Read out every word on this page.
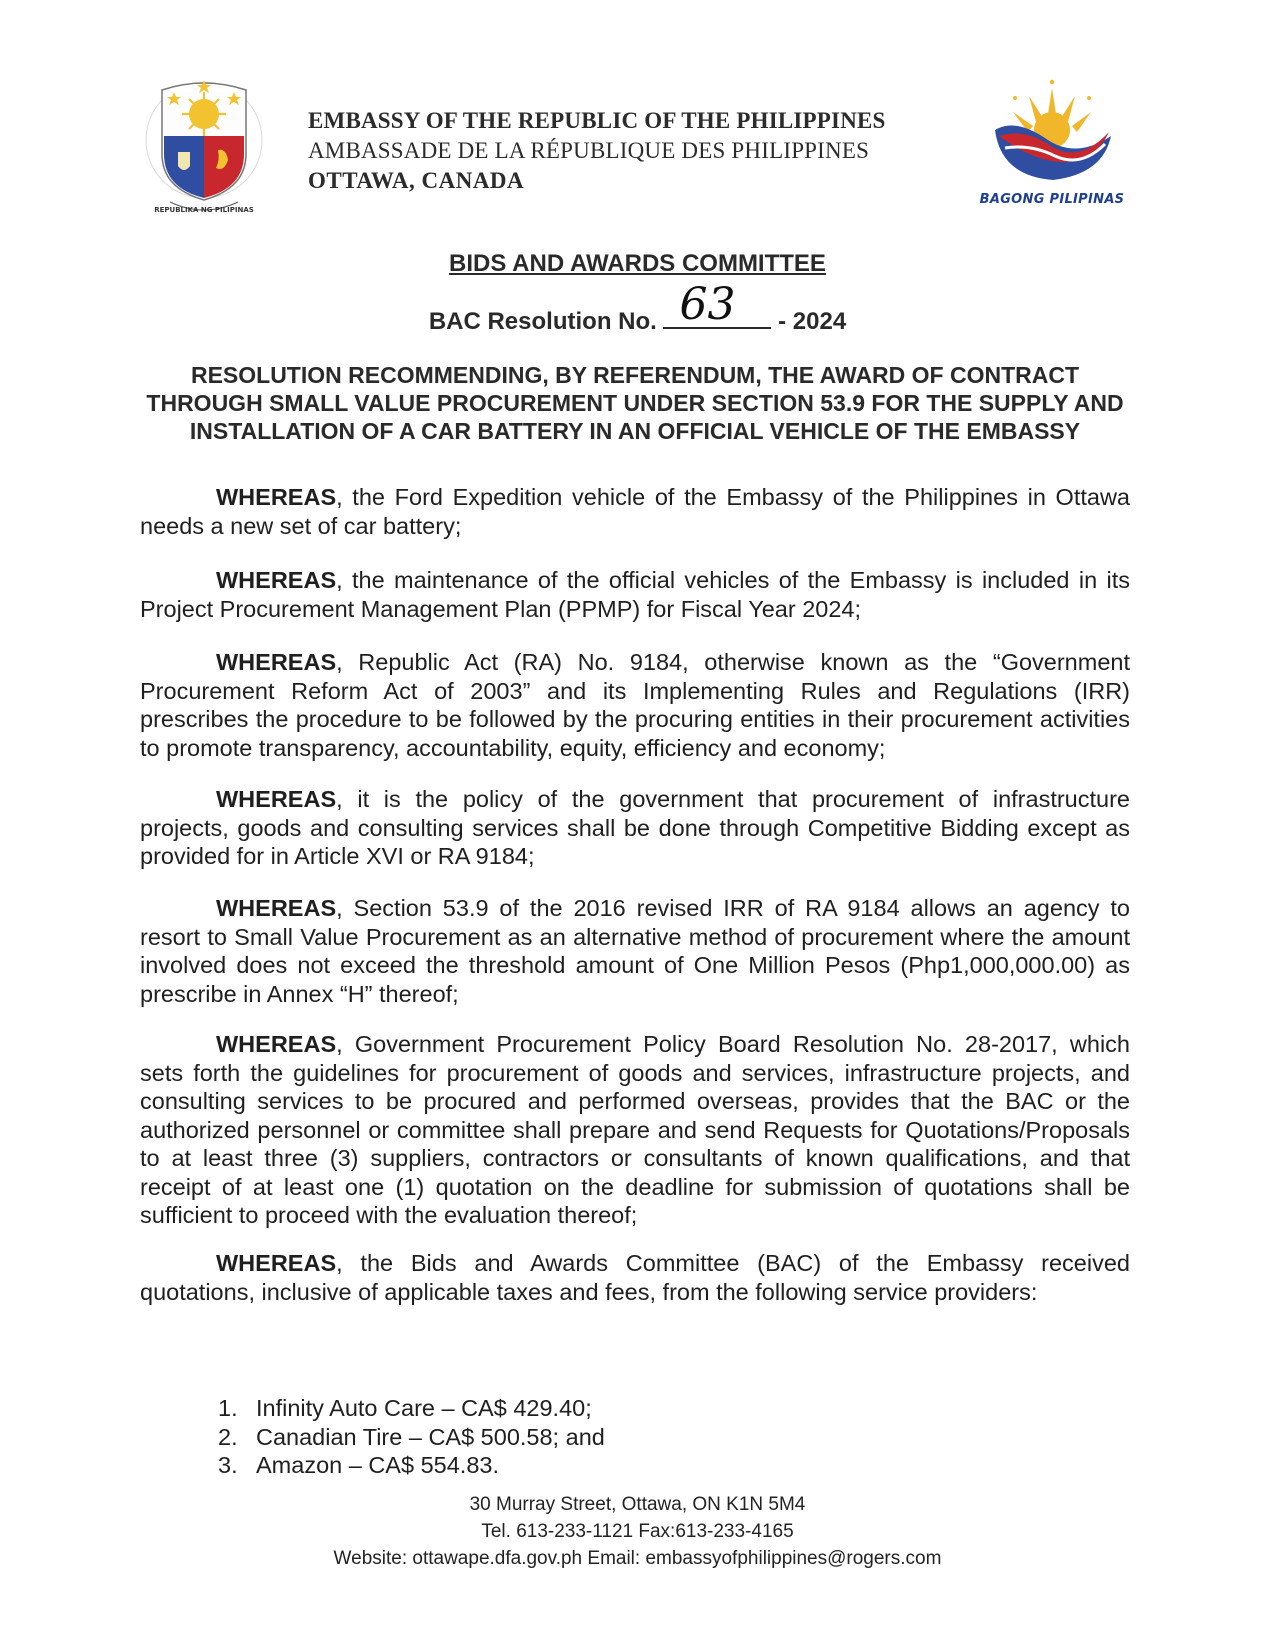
REPUBLIKA NG PILIPINAS
EMBASSY OF THE REPUBLIC OF THE PHILIPPINES
AMBASSADE DE LA RÉPUBLIQUE DES PHILIPPINES
OTTAWA, CANADA
BAGONG PILIPINAS
BIDS AND AWARDS COMMITTEE
BAC Resolution No. 63 - 2024
RESOLUTION RECOMMENDING, BY REFERENDUM, THE AWARD OF CONTRACT THROUGH SMALL VALUE PROCUREMENT UNDER SECTION 53.9 FOR THE SUPPLY AND INSTALLATION OF A CAR BATTERY IN AN OFFICIAL VEHICLE OF THE EMBASSY

WHEREAS, the Ford Expedition vehicle of the Embassy of the Philippines in Ottawa needs a new set of car battery;

WHEREAS, the maintenance of the official vehicles of the Embassy is included in its Project Procurement Management Plan (PPMP) for Fiscal Year 2024;

WHEREAS, Republic Act (RA) No. 9184, otherwise known as the “Government Procurement Reform Act of 2003” and its Implementing Rules and Regulations (IRR) prescribes the procedure to be followed by the procuring entities in their procurement activities to promote transparency, accountability, equity, efficiency and economy;

WHEREAS, it is the policy of the government that procurement of infrastructure projects, goods and consulting services shall be done through Competitive Bidding except as provided for in Article XVI or RA 9184;

WHEREAS, Section 53.9 of the 2016 revised IRR of RA 9184 allows an agency to resort to Small Value Procurement as an alternative method of procurement where the amount involved does not exceed the threshold amount of One Million Pesos (Php1,000,000.00) as prescribe in Annex “H” thereof;

WHEREAS, Government Procurement Policy Board Resolution No. 28-2017, which sets forth the guidelines for procurement of goods and services, infrastructure projects, and consulting services to be procured and performed overseas, provides that the BAC or the authorized personnel or committee shall prepare and send Requests for Quotations/Proposals to at least three (3) suppliers, contractors or consultants of known qualifications, and that receipt of at least one (1) quotation on the deadline for submission of quotations shall be sufficient to proceed with the evaluation thereof;

WHEREAS, the Bids and Awards Committee (BAC) of the Embassy received quotations, inclusive of applicable taxes and fees, from the following service providers:

1. Infinity Auto Care – CA$ 429.40;
2. Canadian Tire – CA$ 500.58; and
3. Amazon – CA$ 554.83.
30 Murray Street, Ottawa, ON K1N 5M4
Tel. 613-233-1121 Fax:613-233-4165
Website: ottawape.dfa.gov.ph Email: embassyofphilippines@rogers.com
